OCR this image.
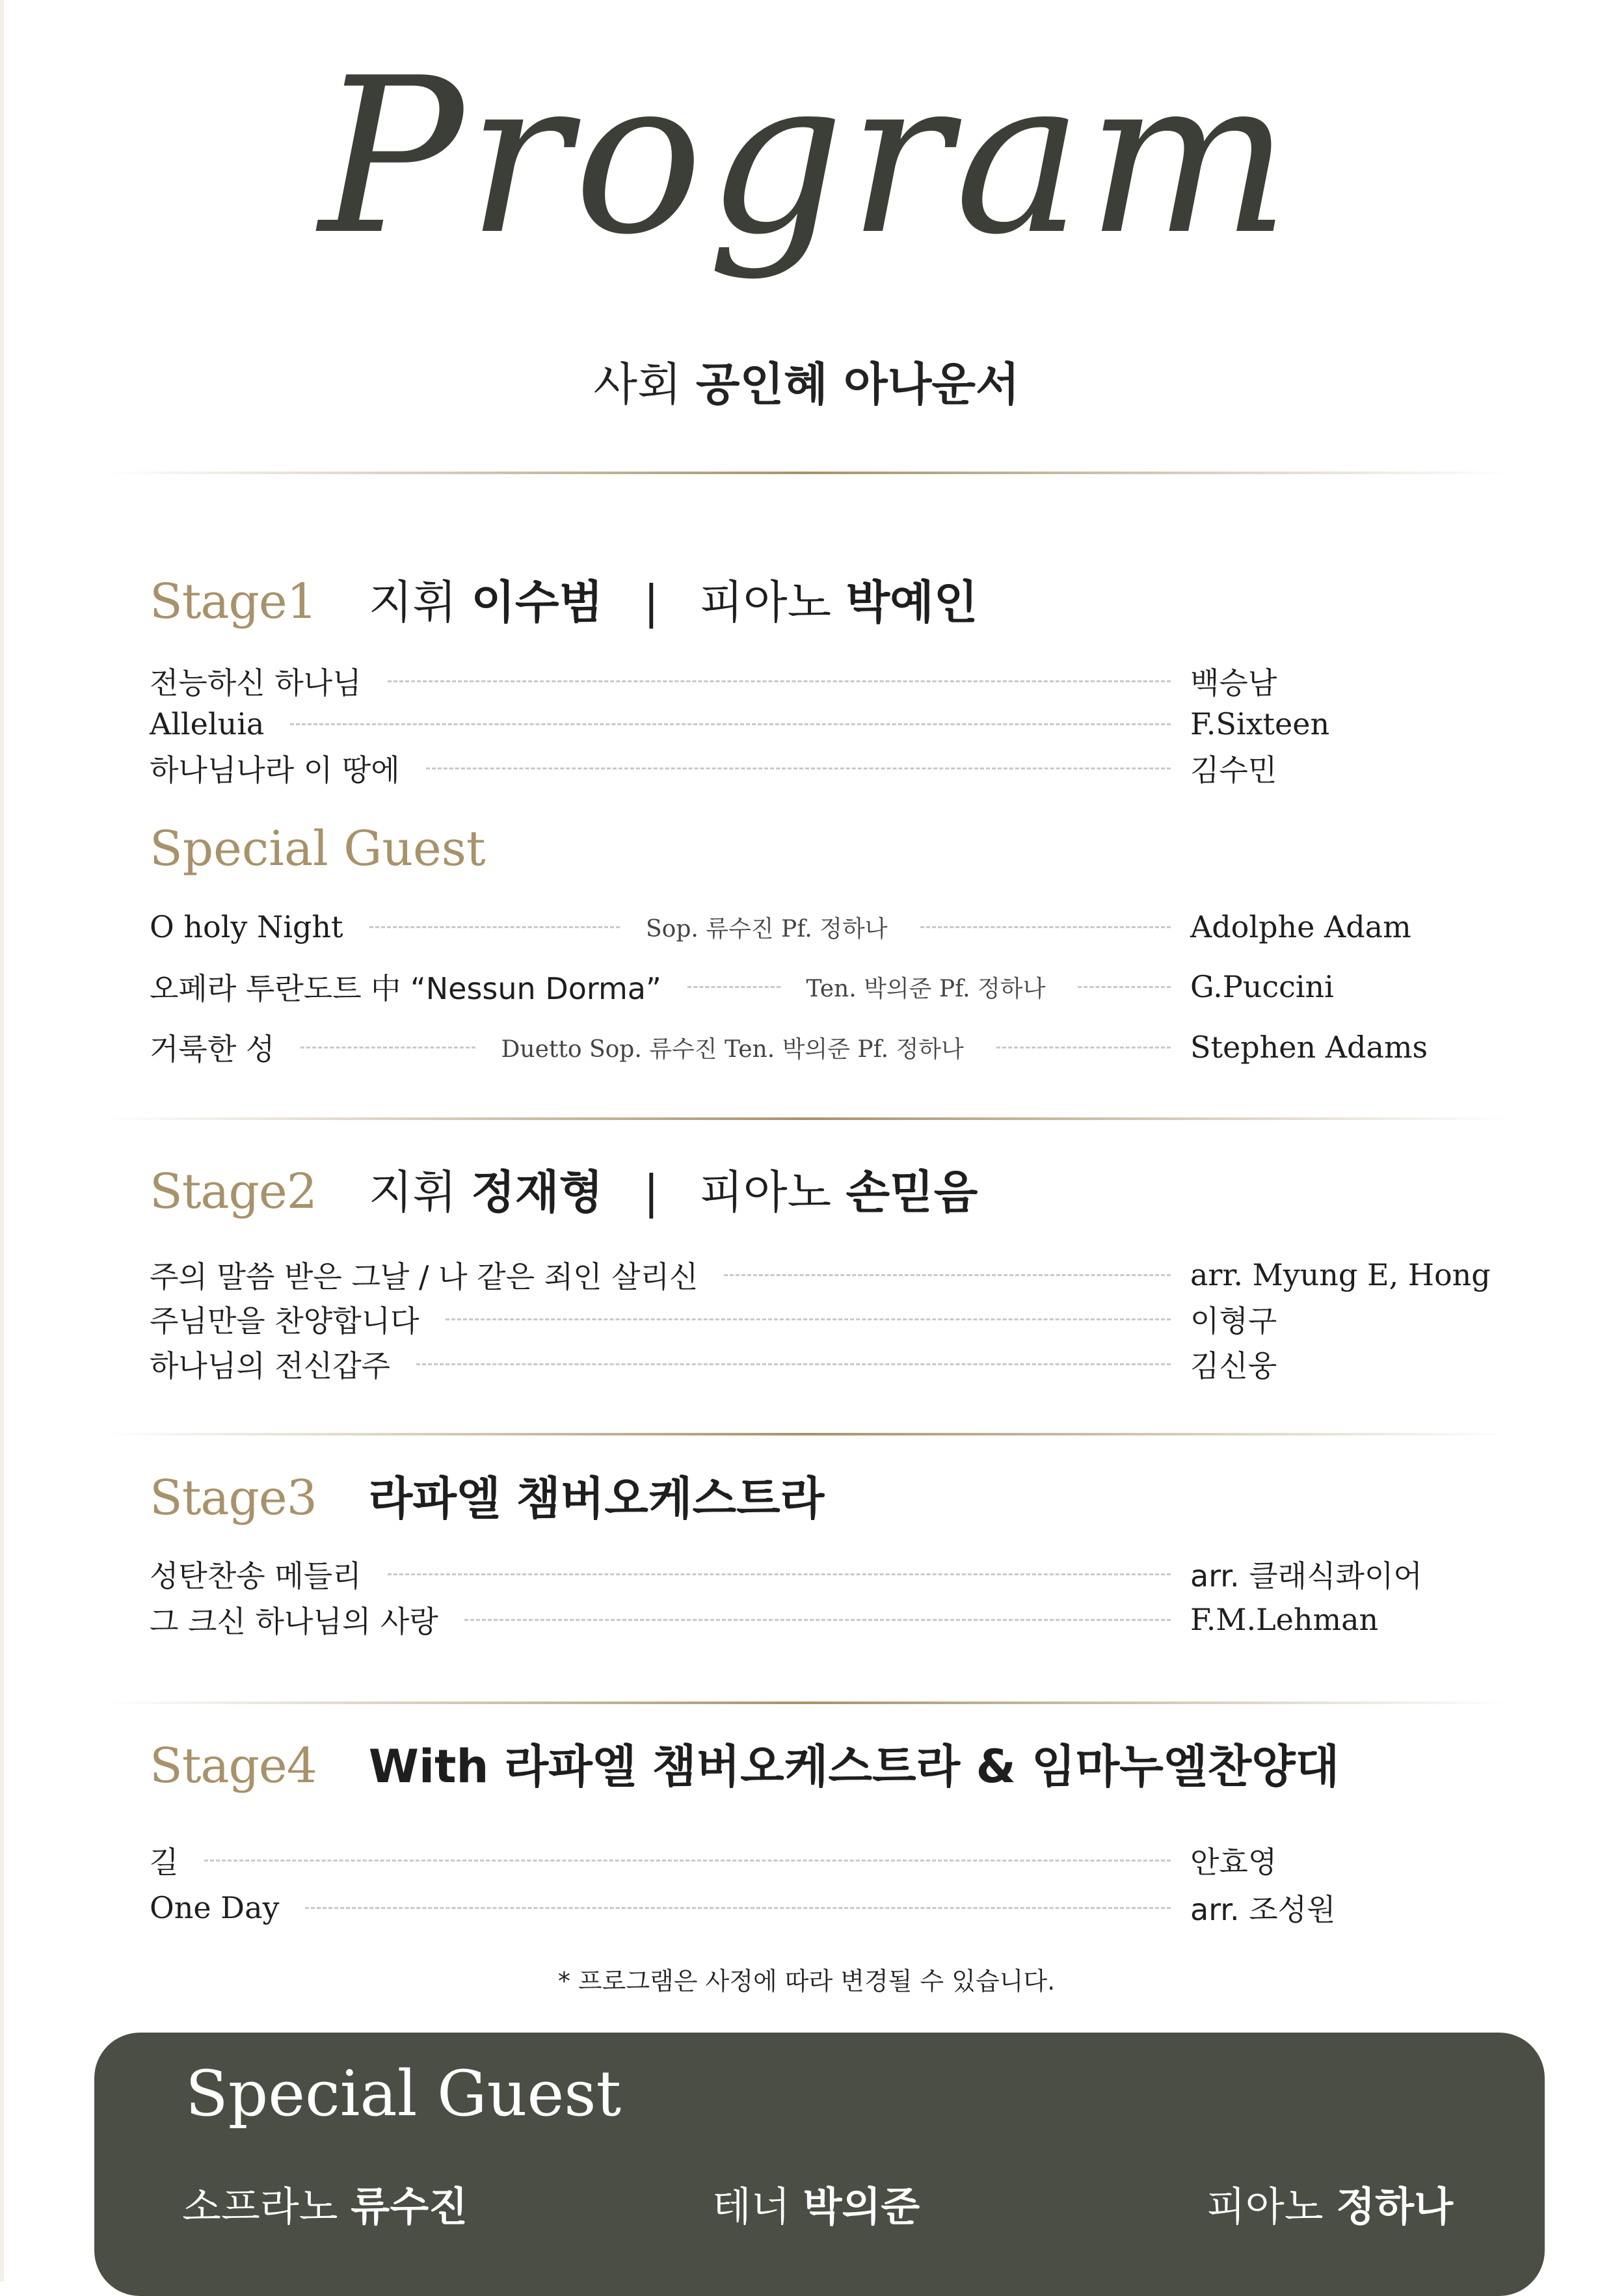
Program
사회 공인혜 아나운서
Stage1 지휘 이수범 | 피아노 박예인
전능하신 하나님	백승남
Alleluia	F.Sixteen
하나님나라 이 땅에	김수민
Special Guest
O holy Night	Sop. 류수진 Pf. 정하나	Adolphe Adam
오페라 투란도트 中 “Nessun Dorma”	Ten. 박의준 Pf. 정하나	G.Puccini
거룩한 성	Duetto Sop. 류수진 Ten. 박의준 Pf. 정하나	Stephen Adams
Stage2 지휘 정재형 | 피아노 손믿음
주의 말씀 받은 그날 / 나 같은 죄인 살리신	arr. Myung E, Hong
주님만을 찬양합니다	이형구
하나님의 전신갑주	김신웅
Stage3 라파엘 챔버오케스트라
성탄찬송 메들리	arr. 클래식콰이어
그 크신 하나님의 사랑	F.M.Lehman
Stage4 With 라파엘 챔버오케스트라 & 임마누엘찬양대
길	안효영
One Day	arr. 조성원
* 프로그램은 사정에 따라 변경될 수 있습니다.
Special Guest
소프라노 류수진	테너 박의준	피아노 정하나
